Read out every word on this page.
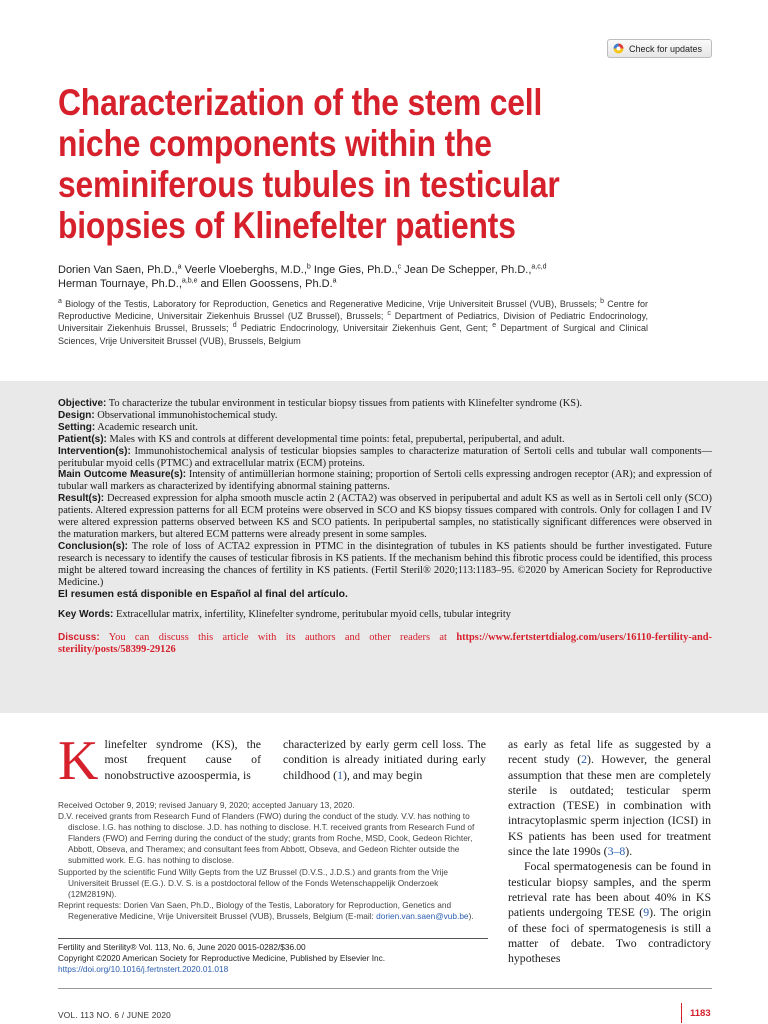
Check for updates
Characterization of the stem cell niche components within the seminiferous tubules in testicular biopsies of Klinefelter patients
Dorien Van Saen, Ph.D.,$^a$ Veerle Vloeberghs, M.D.,$^b$ Inge Gies, Ph.D.,$^c$ Jean De Schepper, Ph.D.,$^{a,c,d}$
Herman Tournaye, Ph.D.,$^{a,b,e}$ and Ellen Goossens, Ph.D.$^a$
$^a$ Biology of the Testis, Laboratory for Reproduction, Genetics and Regenerative Medicine, Vrije Universiteit Brussel (VUB), Brussels; $^b$ Centre for Reproductive Medicine, Universitair Ziekenhuis Brussel (UZ Brussel), Brussels; $^c$ Department of Pediatrics, Division of Pediatric Endocrinology, Universitair Ziekenhuis Brussel, Brussels; $^d$ Pediatric Endocrinology, Universitair Ziekenhuis Gent, Gent; $^e$ Department of Surgical and Clinical Sciences, Vrije Universiteit Brussel (VUB), Brussels, Belgium

Objective: To characterize the tubular environment in testicular biopsy tissues from patients with Klinefelter syndrome (KS).

Design: Observational immunohistochemical study.

Setting: Academic research unit.

Patient(s): Males with KS and controls at different developmental time points: fetal, prepubertal, peripubertal, and adult.

Intervention(s): Immunohistochemical analysis of testicular biopsies samples to characterize maturation of Sertoli cells and tubular wall components—peritubular myoid cells (PTMC) and extracellular matrix (ECM) proteins.

Main Outcome Measure(s): Intensity of antimüllerian hormone staining; proportion of Sertoli cells expressing androgen receptor (AR); and expression of tubular wall markers as characterized by identifying abnormal staining patterns.

Result(s): Decreased expression for alpha smooth muscle actin 2 (ACTA2) was observed in peripubertal and adult KS as well as in Sertoli cell only (SCO) patients. Altered expression patterns for all ECM proteins were observed in SCO and KS biopsy tissues compared with controls. Only for collagen I and IV were altered expression patterns observed between KS and SCO patients. In peripubertal samples, no statistically significant differences were observed in the maturation markers, but altered ECM patterns were already present in some samples.

Conclusion(s): The role of loss of ACTA2 expression in PTMC in the disintegration of tubules in KS patients should be further investigated. Future research is necessary to identify the causes of testicular fibrosis in KS patients. If the mechanism behind this fibrotic process could be identified, this process might be altered toward increasing the chances of fertility in KS patients. (Fertil Steril® 2020;113:1183–95. ©2020 by American Society for Reproductive Medicine.)

El resumen está disponible en Español al final del artículo.

Key Words: Extracellular matrix, infertility, Klinefelter syndrome, peritubular myoid cells, tubular integrity

Discuss: You can discuss this article with its authors and other readers at https://www.fertstertdialog.com/users/16110-fertility-and-sterility/posts/58399-29126

Klinefelter syndrome (KS), the most frequent cause of nonobstructive azoospermia, is
characterized by early germ cell loss. The condition is already initiated during early childhood (1), and may begin

as early as fetal life as suggested by a recent study (2). However, the general assumption that these men are completely sterile is outdated; testicular sperm extraction (TESE) in combination with intracytoplasmic sperm injection (ICSI) in KS patients has been used for treatment since the late 1990s (3–8).

Focal spermatogenesis can be found in testicular biopsy samples, and the sperm retrieval rate has been about 40% in KS patients undergoing TESE (9). The origin of these foci of spermatogenesis is still a matter of debate. Two contradictory hypotheses

Received October 9, 2019; revised January 9, 2020; accepted January 13, 2020.

D.V. received grants from Research Fund of Flanders (FWO) during the conduct of the study. V.V. has nothing to disclose. I.G. has nothing to disclose. J.D. has nothing to disclose. H.T. received grants from Research Fund of Flanders (FWO) and Ferring during the conduct of the study; grants from Roche, MSD, Cook, Gedeon Richter, Abbott, Obseva, and Theramex; and consultant fees from Abbott, Obseva, and Gedeon Richter outside the submitted work. E.G. has nothing to disclose.

Supported by the scientific Fund Willy Gepts from the UZ Brussel (D.V.S., J.D.S.) and grants from the Vrije Universiteit Brussel (E.G.). D.V. S. is a postdoctoral fellow of the Fonds Wetenschappelijk Onderzoek (12M2819N).

Reprint requests: Dorien Van Saen, Ph.D., Biology of the Testis, Laboratory for Reproduction, Genetics and Regenerative Medicine, Vrije Universiteit Brussel (VUB), Brussels, Belgium (E-mail: dorien.van.saen@vub.be).

Fertility and Sterility® Vol. 113, No. 6, June 2020 0015-0282/$36.00
Copyright ©2020 American Society for Reproductive Medicine, Published by Elsevier Inc.
https://doi.org/10.1016/j.fertnstert.2020.01.018
VOL. 113 NO. 6 / JUNE 2020	1183
